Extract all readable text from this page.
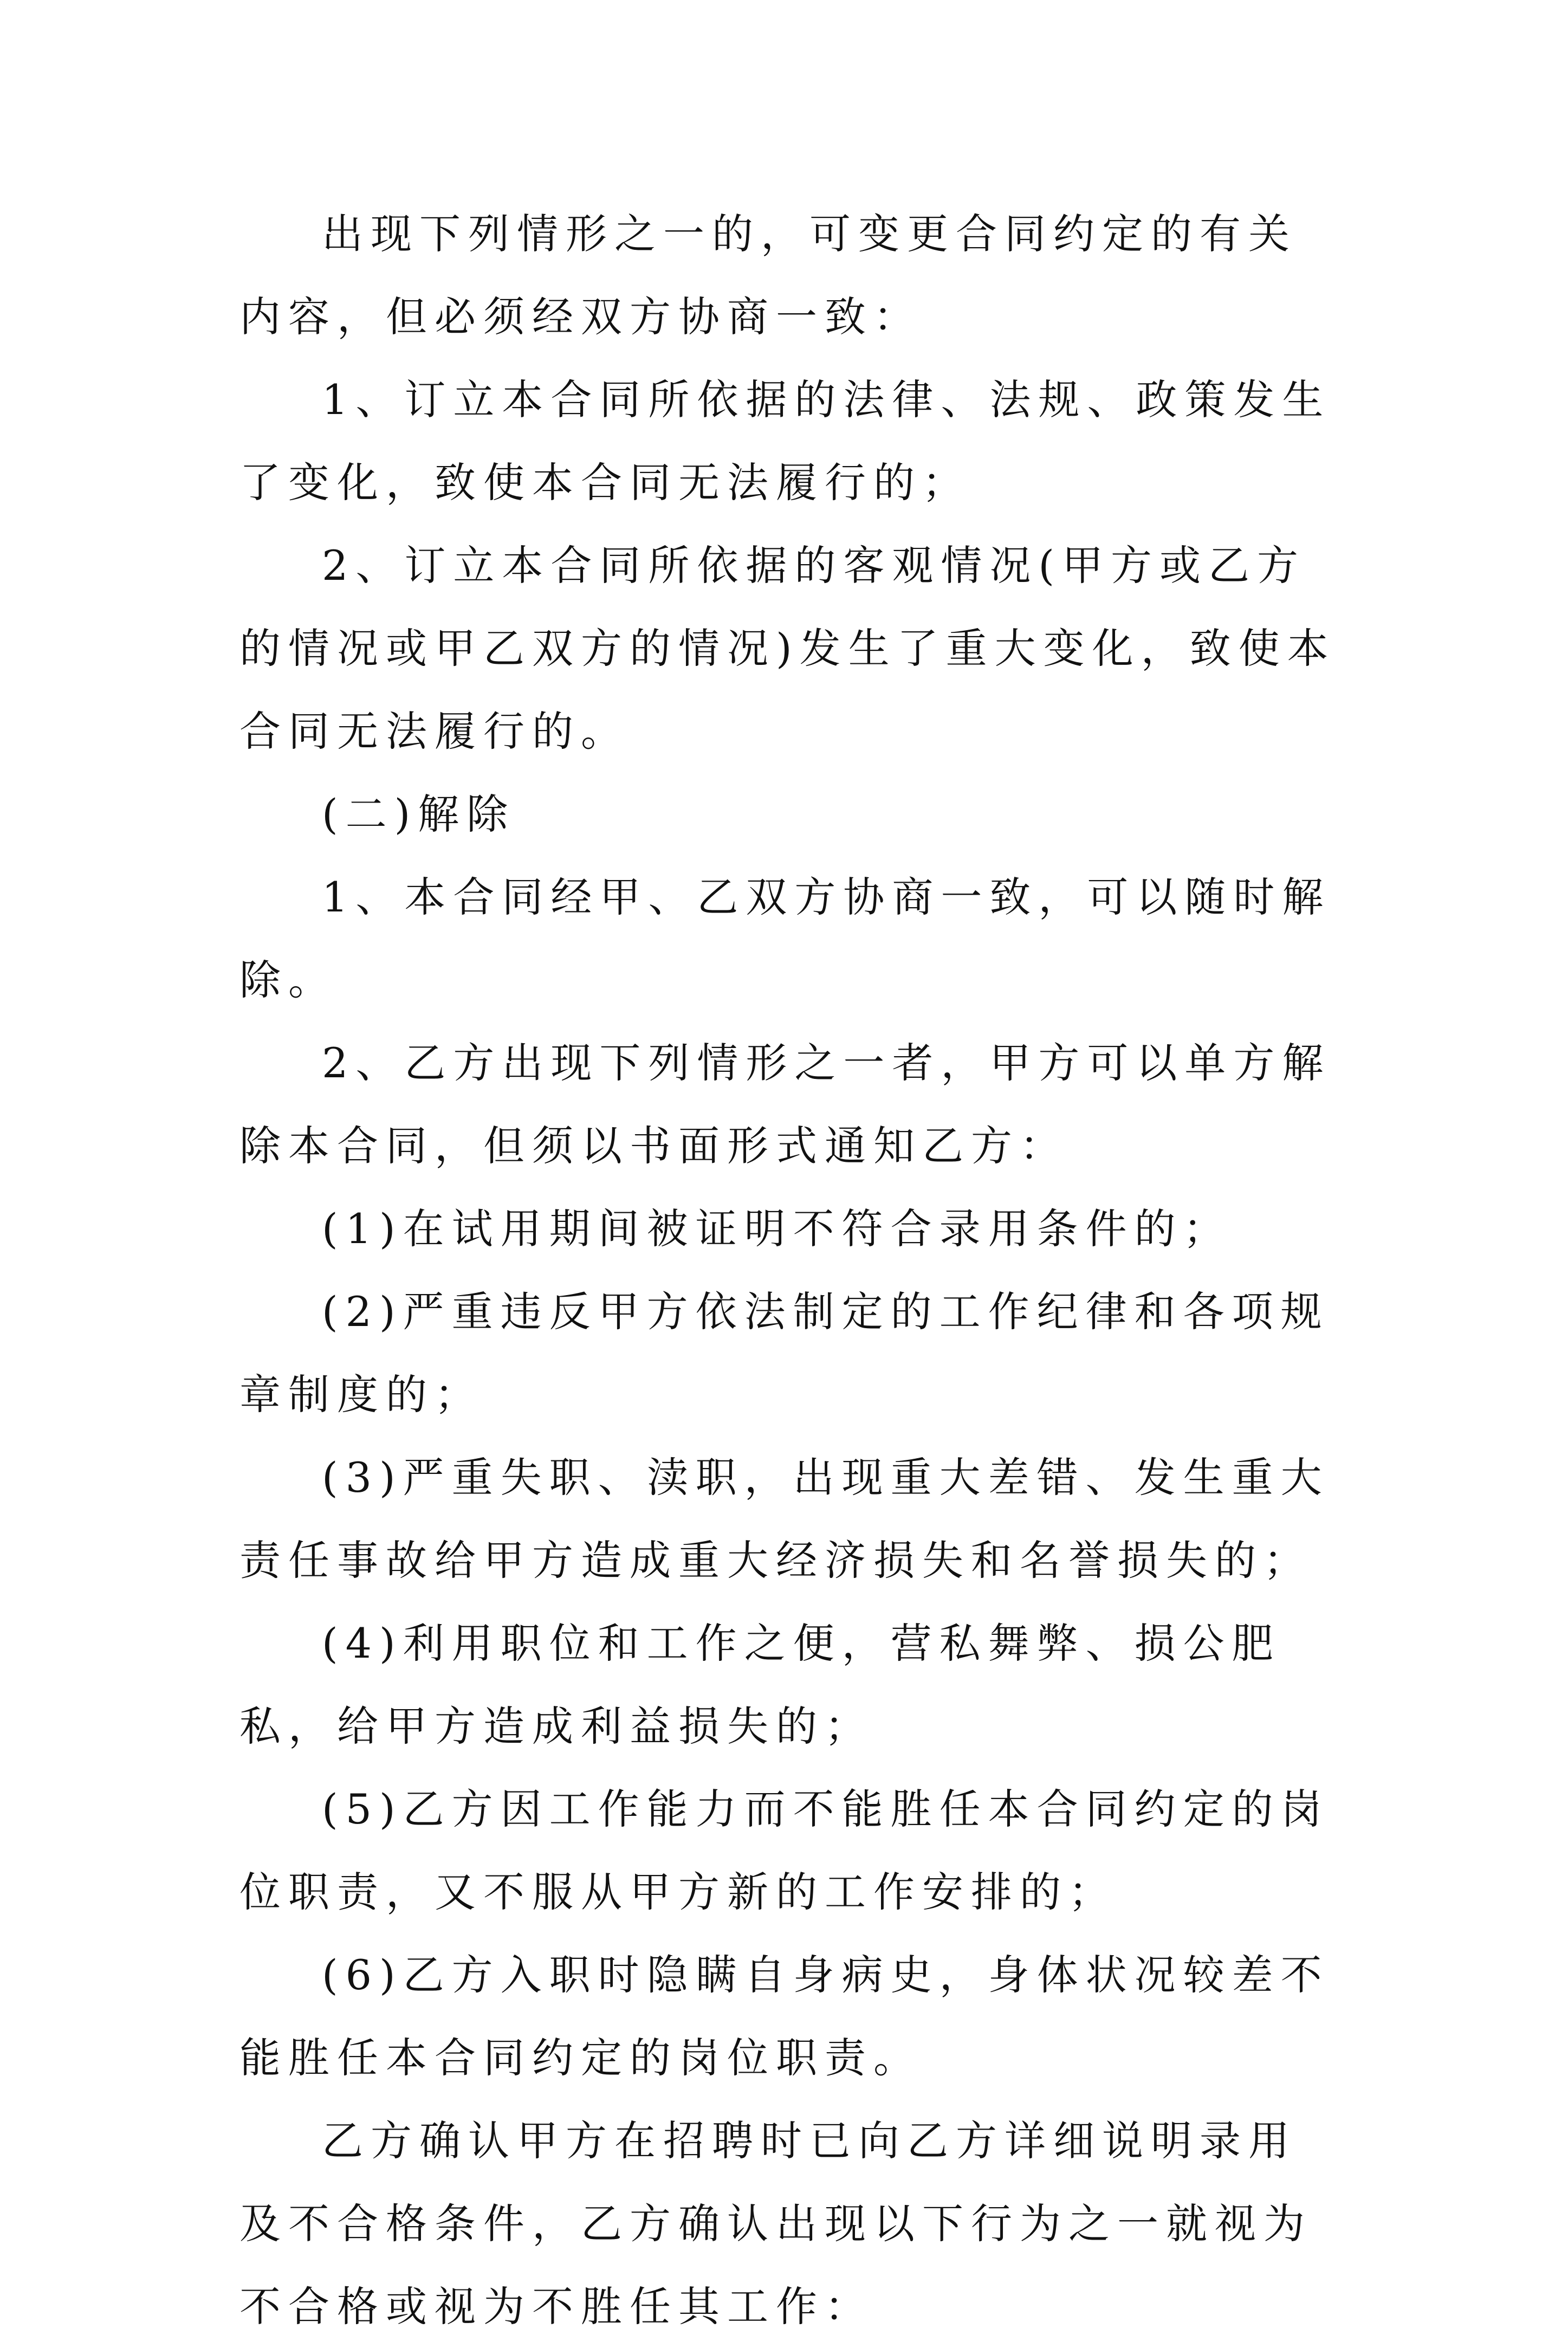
出现下列情形之一的，可变更合同约定的有关内容，但必须经双方协商一致：

1、订立本合同所依据的法律、法规、政策发生了变化，致使本合同无法履行的；

2、订立本合同所依据的客观情况(甲方或乙方的情况或甲乙双方的情况)发生了重大变化，致使本合同无法履行的。

(二)解除

1、本合同经甲、乙双方协商一致，可以随时解除。

2、乙方出现下列情形之一者，甲方可以单方解除本合同，但须以书面形式通知乙方：

(1)在试用期间被证明不符合录用条件的；

(2)严重违反甲方依法制定的工作纪律和各项规章制度的；

(3)严重失职、渎职，出现重大差错、发生重大责任事故给甲方造成重大经济损失和名誉损失的；

(4)利用职位和工作之便，营私舞弊、损公肥私，给甲方造成利益损失的；

(5)乙方因工作能力而不能胜任本合同约定的岗位职责，又不服从甲方新的工作安排的；

(6)乙方入职时隐瞒自身病史，身体状况较差不能胜任本合同约定的岗位职责。

乙方确认甲方在招聘时已向乙方详细说明录用及不合格条件，乙方确认出现以下行为之一就视为不合格或视为不胜任其工作：
